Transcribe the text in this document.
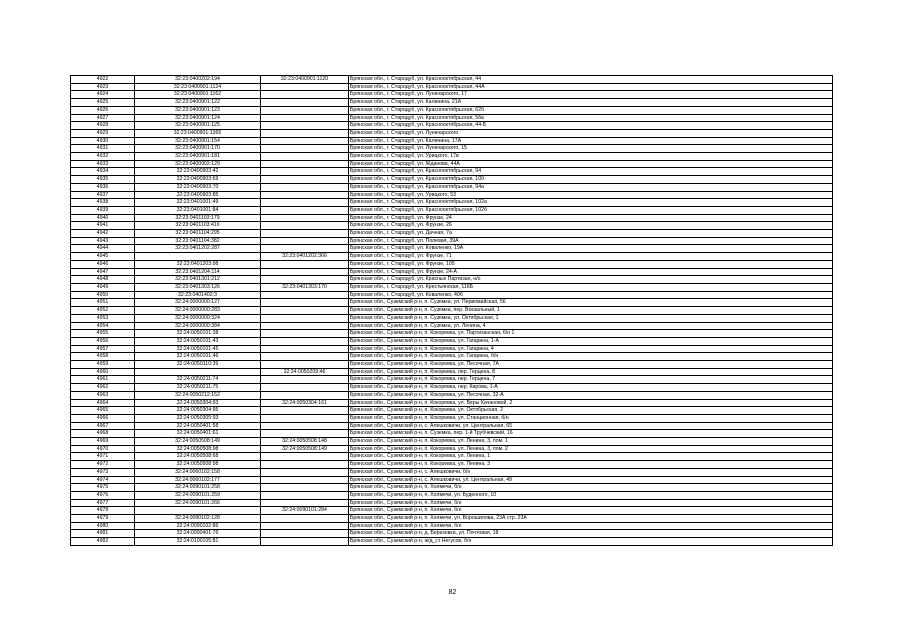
4922	32:23:0400202:194	32:23:0400901:1120	Брянская обл., г. Стародуб, ул. Красноoктябрьская, 44
4923	32:23:0400901:1124		Брянская обл., г. Стародуб, ул. Красноoктябрьская, 44А
4924	32:23:0400901:1162		Брянская обл., г. Стародуб, ул. Луначарского, 17
4925	32:23:0400901:122		Брянская обл., г. Стародуб, ул. Калинина, 21А
4926	32:23:0400901:123		Брянская обл., г. Стародуб, ул. Красноoктябрьская, 62б
4927	32:23:0400901:124		Брянская обл., г. Стародуб, ул. Красноoктябрьская, 56в
4928	32:23:0400901:125		Брянская обл., г. Стародуб, ул. Красноoктябрьская, 44-Б
4929	32:23:0400901:1365		Брянская обл., г. Стародуб, ул. Луначарского
4930	32:23:0400901:154		Брянская обл., г. Стародуб, ул. Калинина, 17А
4931	32:23:0400901:170		Брянская обл., г. Стародуб, ул. Луначарского, 15
4932	32:23:0400901:181		Брянская обл., г. Стародуб, ул. Урицкого, 17в
4933	32:23:0400902:129		Брянская обл., г. Стародуб, ул. Жданова, 44А
4934	32:23:0400903:42		Брянская обл., г. Стародуб, ул. Красноoктябрьская, 94
4935	32:23:0400903:69		Брянская обл., г. Стародуб, ул. Красноoктябрьская, 100
4936	32:23:0400903:70		Брянская обл., г. Стародуб, ул. Красноoктябрьская, 94а
4937	32:23:0400903:85		Брянская обл., г. Стародуб, ул. Урицкого, 53
4938	32:23:0401001:49		Брянская обл., г. Стародуб, ул. Красноoктябрьская, 102а
4939	32:23:0401001:84		Брянская обл., г. Стародуб, ул. Красноoктябрьская, 102б
4940	32:23:0401103:179		Брянская обл., г. Стародуб, ул. Фрунзе, 24
4941	32:23:0401103:416		Брянская обл., г. Стародуб, ул. Фрунзе, 26
4942	32:23:0401104:295		Брянская обл., г. Стародуб, ул. Дачная, 7а
4943	32:23:0401104:382		Брянская обл., г. Стародуб, ул. Полевая, 39А
4944	32:23:0401202:287		Брянская обл., г. Стародуб, ул. Коваленко, 19А
4945		32:23:0401202:366	Брянская обл., г. Стародуб, ул. Фрунзе, 71
4946	32:23:0401203:98		Брянская обл., г. Стародуб, ул. Фрунзе, 105
4947	32:23:0401204:114		Брянская обл., г. Стародуб, ул. Фрунзе, 24-А
4948	32:23:0401301:212		Брянская обл., г. Стародуб, ул. Красных Партизан, н/о
4949	32:23:0401303:126	32:23:0401303:170	Брянская обл., г. Стародуб, ул. Крестьянская, 116Б
4950	32:23:0401402:3		Брянская обл., г. Стародуб, ул. Коваленко, 40б
4951	32:24:0000000:127		Брянская обл., Суземский р-н, п. Суземка, ул. Первомайская, 56
4952	32:24:0000000:283		Брянская обл., Суземский р-н, п. Суземка, пер. Вокзальный, 1
4953	32:24:0000000:324		Брянская обл., Суземский р-н, п. Суземка, ул. Октябрьская, 1
4954	32:24:0000000:384		Брянская обл., Суземский р-н, п. Суземка, ул. Ленина, 4
4955	32:24:0050101:38		Брянская обл., Суземский р-н, п. Кокоревка, ул. Партизанская, б/н 1
4956	32:24:0050101:43		Брянская обл., Суземский р-н, п. Кокоревка, ул. Гагарина, 1-А
4957	32:24:0050101:45		Брянская обл., Суземский р-н, п. Кокоревка, ул. Гагарина, 4
4958	32:24:0050101:46		Брянская обл., Суземский р-н, п. Кокоревка, ул. Гагарина, б/н
4959	32:24:0050110:39		Брянская обл., Суземский р-н, п. Кокоревка, ул. Песочная, 7А
4960		32:24:0050209:46	Брянская обл., Суземский р-н, п. Кокоревка, пер. Герцена, 8
4961	32:24:0050211:74		Брянская обл., Суземский р-н, п. Кокоревка, пер. Герцена, 7
4962	32:24:0050211:75		Брянская обл., Суземский р-н, п. Кокоревка, пер. Кирова, 1-А
4963	32:24:0050212:152		Брянская обл., Суземский р-н, п. Кокоревка, ул. Песочная, 32-А
4964	32:24:0050304:93	32:24:0050304:161	Брянская обл., Суземский р-н, п. Кокоревка, ул. Веры Качановой, 2
4965	32:24:0050304:95		Брянская обл., Суземский р-н, п. Кокоревка, ул. Октябрьская, 2
4966	32:24:0050305:93		Брянская обл., Суземский р-н, п. Кокоревка, ул. Станционная, б/н
4967	32:24:0050401:58		Брянская обл., Суземский р-н, с. Алешковичи, ул. Центральная, 65
4968	32:24:0050401:61		Брянская обл., Суземский р-н, п. Суземка, пер. 1-й Трубчевский, 16
4969	32:24:0050508:149	32:24:0050508:148	Брянская обл., Суземский р-н, п. Кокоревка, ул. Ленина, 3, пом. 1
4970	32:24:0050508:98	32:24:0050508:149	Брянская обл., Суземский р-н, п. Кокоревка, ул. Ленина, 3, пом. 2
4971	32:24:0050508:68		Брянская обл., Суземский р-н, п. Кокоревка, ул. Ленина, 1
4972	32:24:0050508:98		Брянская обл., Суземский р-н, п. Кокоревка, ул. Ленина, 3
4973	32:24:0060102:158		Брянская обл., Суземский р-н, с. Алешковичи, б/н
4974	32:24:0060102:177		Брянская обл., Суземский р-н, с. Алешковичи, ул. Центральная, 49
4975	32:24:0090101:258		Брянская обл., Суземский р-н, п. Холмечи, б/н
4976	32:24:0090101:259		Брянская обл., Суземский р-н, п. Холмечи, ул. Буденного, 10
4977	32:24:0090101:266		Брянская обл., Суземский р-н, п. Холмечи, б/н
4978		32:24:0090101:284	Брянская обл., Суземский р-н, п. Холмечи, б/н
4979	32:24:0090102:128		Брянская обл., Суземский р-н, п. Холмечи, ул. Ворошилова, 23А стр. 23А
4980	32:24:0090102:86		Брянская обл., Суземский р-н, п. Холмечи, б/н
4981	32:24:0090401:76		Брянская обл., Суземский р-н, д. Березовка, ул. Почтовая, 18
4982	32:24:0100105:81		Брянская обл., Суземский р-н, ж/д_ст Негусов, б/н
82
